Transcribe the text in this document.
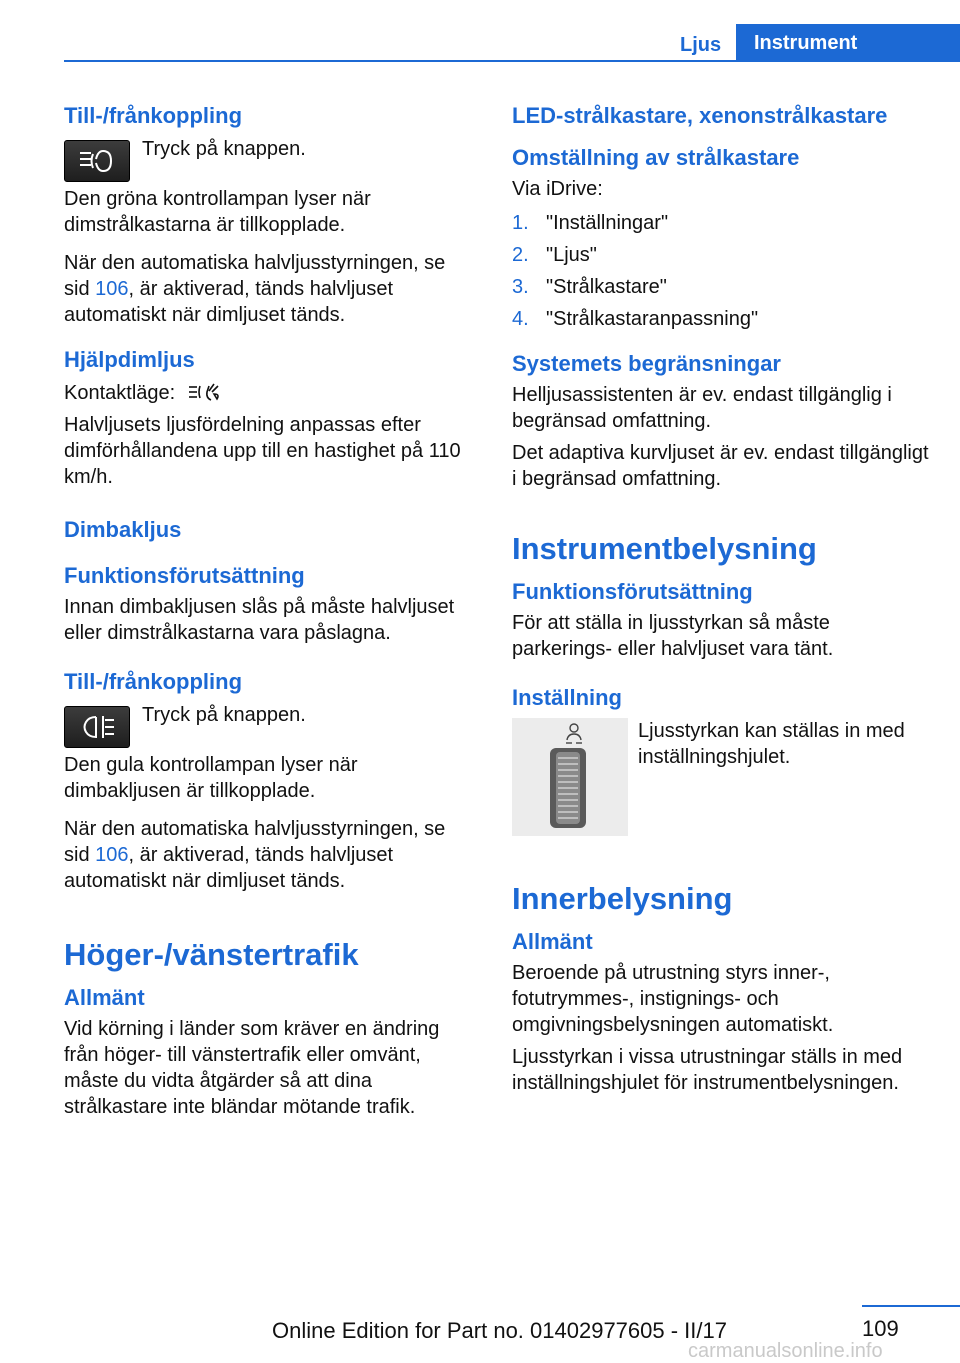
Ljus	Instrument
Till-/frånkoppling

Tryck på knappen.

Den gröna kontrollampan lyser när dimstrålkastarna är tillkopplade.

När den automatiska halvljusstyrningen, se sid 106, är aktiverad, tänds halvljuset automatiskt när dimljuset tänds.

Hjälpdimljus

Kontaktläge:

Halvljusets ljusfördelning anpassas efter dimförhållandena upp till en hastighet på 110 km/h.

Dimbakljus
Funktionsförutsättning

Innan dimbakljusen slås på måste halvljuset eller dimstrålkastarna vara påslagna.

Till-/frånkoppling

Tryck på knappen.

Den gula kontrollampan lyser när dimbakljusen är tillkopplade.

När den automatiska halvljusstyrningen, se sid 106, är aktiverad, tänds halvljuset automatiskt när dimljuset tänds.

Höger-/vänstertrafik
Allmänt

Vid körning i länder som kräver en ändring från höger- till vänstertrafik eller omvänt, måste du vidta åtgärder så att dina strålkastare inte bländar mötande trafik.

LED-strålkastare, xenonstrålkastare
Omställning av strålkastare

Via iDrive:

1. "Inställningar"
2. "Ljus"
3. "Strålkastare"
4. "Strålkastaranpassning"
Systemets begränsningar

Helljusassistenten är ev. endast tillgänglig i begränsad omfattning.

Det adaptiva kurvljuset är ev. endast tillgängligt i begränsad omfattning.

Instrumentbelysning
Funktionsförutsättning

För att ställa in ljusstyrkan så måste parkerings- eller halvljuset vara tänt.

Inställning

Ljusstyrkan kan ställas in med inställningshjulet.

Innerbelysning
Allmänt

Beroende på utrustning styrs inner-, fotutrymmes-, instignings- och omgivningsbelysningen automatiskt.

Ljusstyrkan i vissa utrustningar ställs in med inställningshjulet för instrumentbelysningen.

109
Online Edition for Part no. 01402977605 - II/17
carmanualsonline.info
